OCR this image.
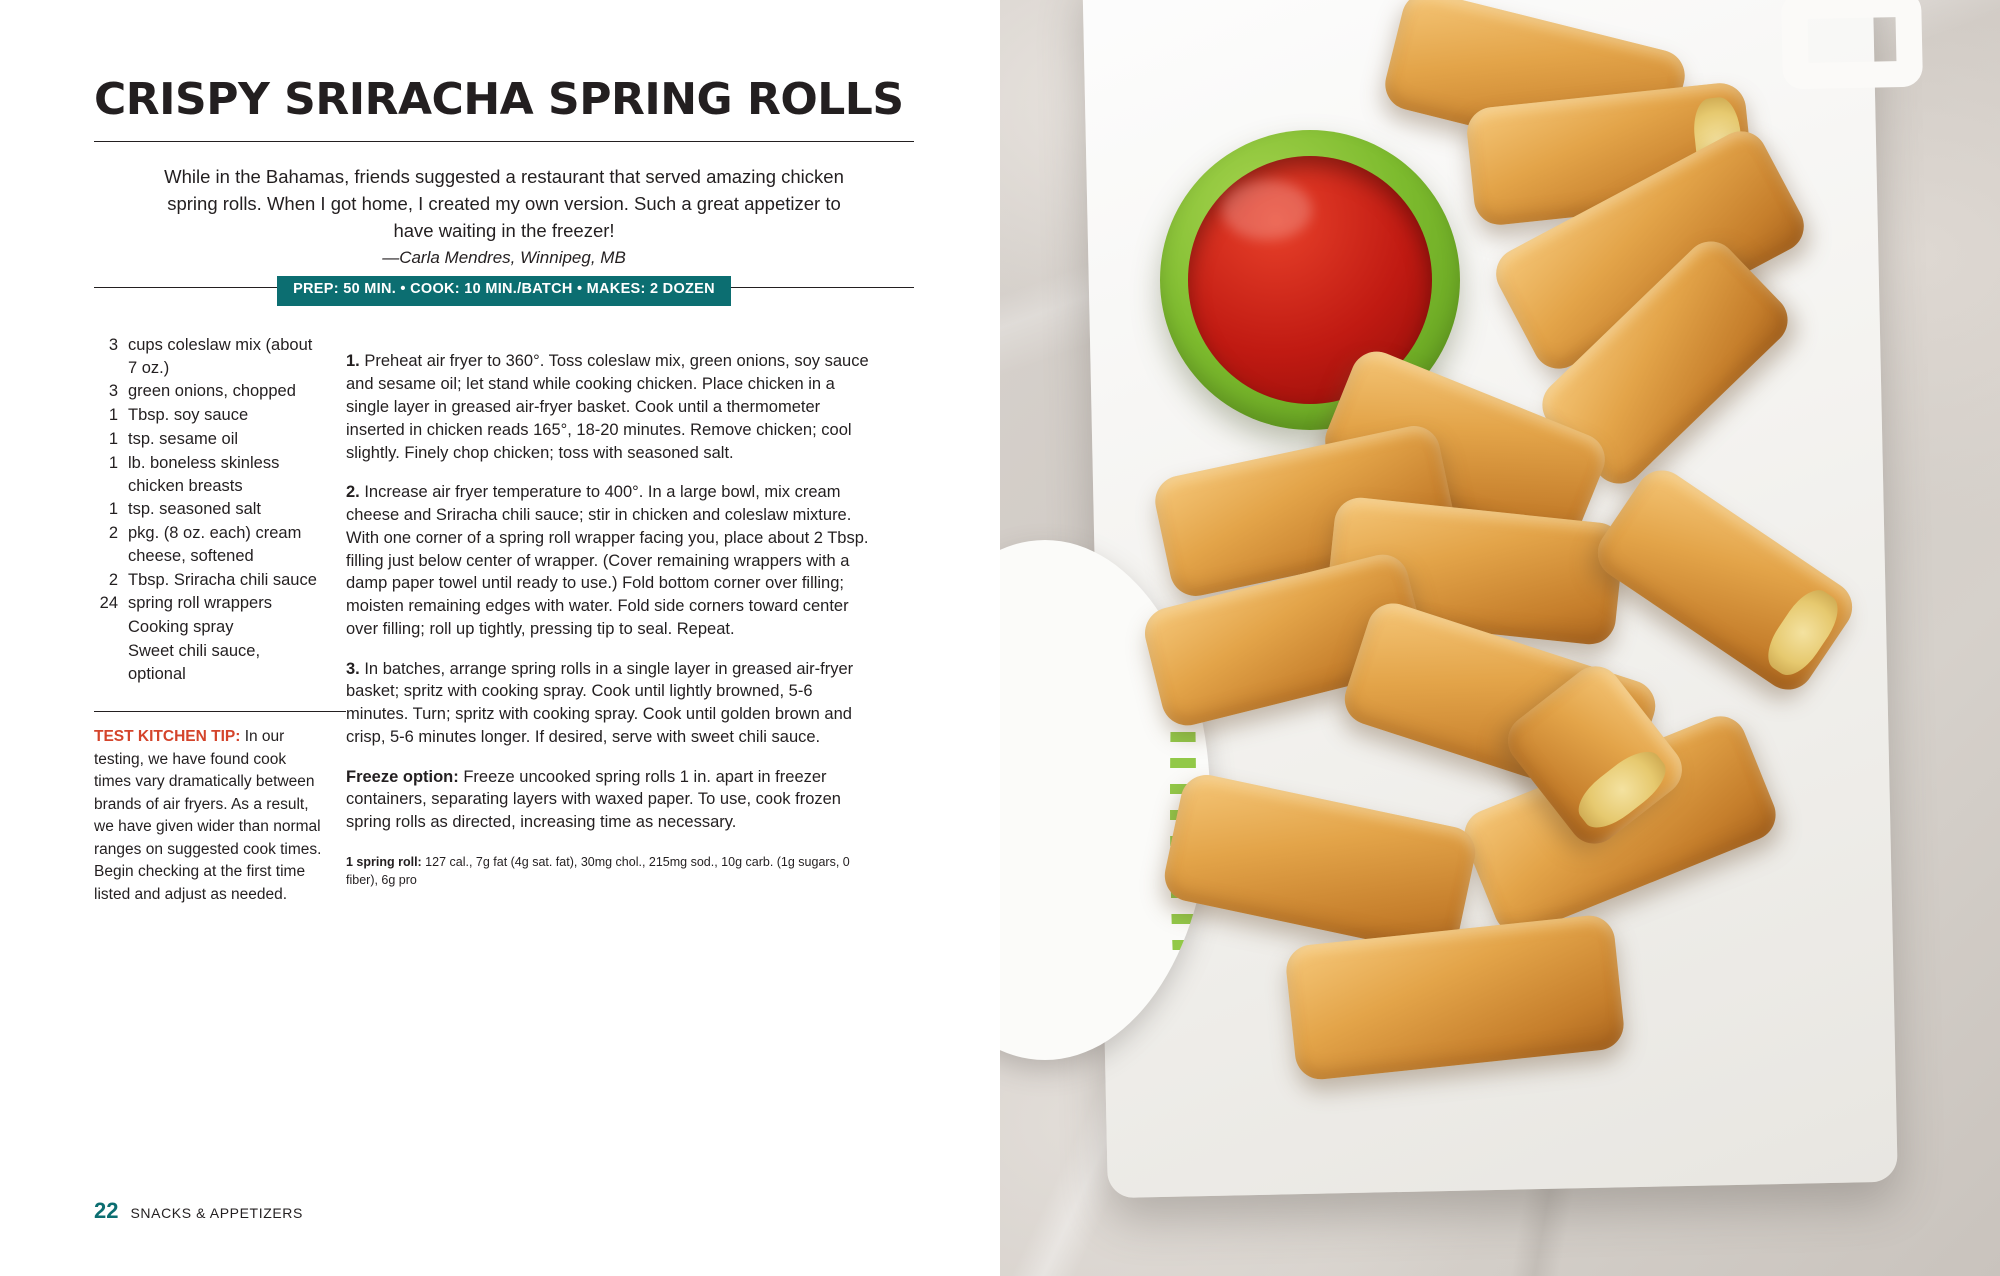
CRISPY SRIRACHA SPRING ROLLS
While in the Bahamas, friends suggested a restaurant that served amazing chicken spring rolls. When I got home, I created my own version. Such a great appetizer to have waiting in the freezer!
—Carla Mendres, Winnipeg, MB
PREP: 50 MIN. • COOK: 10 MIN./BATCH • MAKES: 2 DOZEN
3 cups coleslaw mix (about 7 oz.)
3 green onions, chopped
1 Tbsp. soy sauce
1 tsp. sesame oil
1 lb. boneless skinless chicken breasts
1 tsp. seasoned salt
2 pkg. (8 oz. each) cream cheese, softened
2 Tbsp. Sriracha chili sauce
24 spring roll wrappers
Cooking spray
Sweet chili sauce, optional
TEST KITCHEN TIP: In our testing, we have found cook times vary dramatically between brands of air fryers. As a result, we have given wider than normal ranges on suggested cook times. Begin checking at the first time listed and adjust as needed.

1. Preheat air fryer to 360°. Toss coleslaw mix, green onions, soy sauce and sesame oil; let stand while cooking chicken. Place chicken in a single layer in greased air-fryer basket. Cook until a thermometer inserted in chicken reads 165°, 18-20 minutes. Remove chicken; cool slightly. Finely chop chicken; toss with seasoned salt.

2. Increase air fryer temperature to 400°. In a large bowl, mix cream cheese and Sriracha chili sauce; stir in chicken and coleslaw mixture. With one corner of a spring roll wrapper facing you, place about 2 Tbsp. filling just below center of wrapper. (Cover remaining wrappers with a damp paper towel until ready to use.) Fold bottom corner over filling; moisten remaining edges with water. Fold side corners toward center over filling; roll up tightly, pressing tip to seal. Repeat.

3. In batches, arrange spring rolls in a single layer in greased air-fryer basket; spritz with cooking spray. Cook until lightly browned, 5-6 minutes. Turn; spritz with cooking spray. Cook until golden brown and crisp, 5-6 minutes longer. If desired, serve with sweet chili sauce.

Freeze option: Freeze uncooked spring rolls 1 in. apart in freezer containers, separating layers with waxed paper. To use, cook frozen spring rolls as directed, increasing time as necessary.

1 spring roll: 127 cal., 7g fat (4g sat. fat), 30mg chol., 215mg sod., 10g carb. (1g sugars, 0 fiber), 6g pro

22 SNACKS & APPETIZERS
